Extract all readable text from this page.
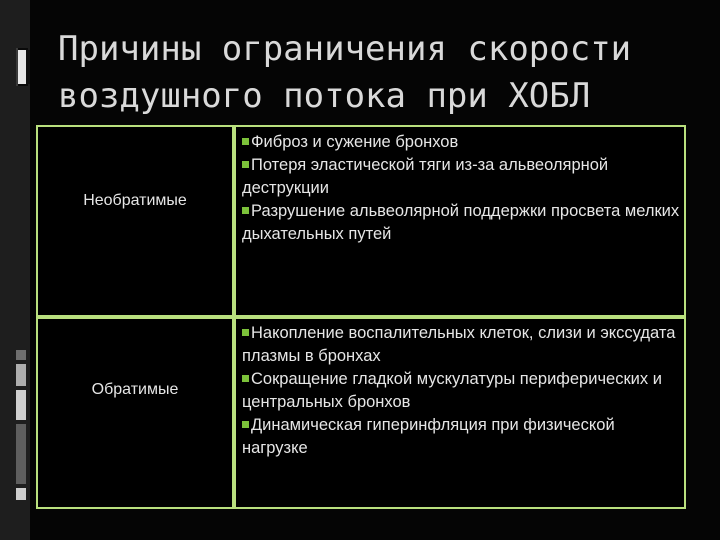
Причины ограничения скорости
воздушного потока при ХОБЛ
Необратимые

Фиброз и сужение бронхов

Потеря эластической тяги из-за альвеолярной деструкции

Разрушение альвеолярной поддержки просвета мелких дыхательных путей

Обратимые

Накопление воспалительных клеток, слизи и экссудата плазмы в бронхах

Сокращение гладкой мускулатуры периферических и центральных бронхов

Динамическая гиперинфляция при физической нагрузке
